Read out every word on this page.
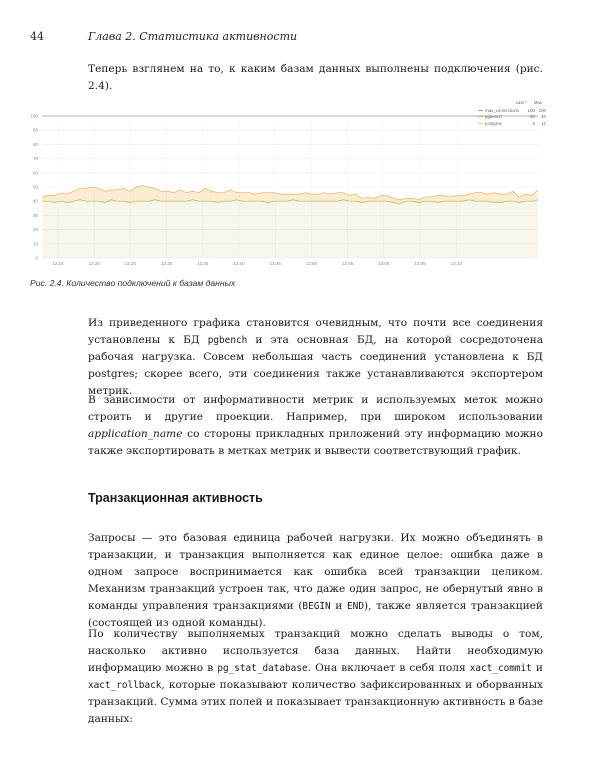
44	Глава 2. Статистика активности

Теперь взглянем на то, к каким базам данных выполнены подключения (рис. 2.4).

0
10
20
30
40
50
60
70
80
90
100
12:15	12:20	12:25	12:30	12:35	12:40	12:45	12:50	12:55	13:00	13:05	13:10
Last * Max
max_connections	100 100
pgbench	40	40
postgres	6	11

Рис. 2.4. Количество подключений к базам данных

Из приведенного графика становится очевидным, что почти все соединения установлены к БД pgbench и эта основная БД, на которой сосредоточена рабочая нагрузка. Совсем небольшая часть соединений установлена к БД postgres; скорее всего, эти соединения также устанавливаются экспортером метрик.

В зависимости от информативности метрик и используемых меток можно строить и другие проекции. Например, при широком использовании application_name со стороны прикладных приложений эту информацию можно также экспортировать в метках метрик и вывести соответствующий график.

Транзакционная активность

Запросы — это базовая единица рабочей нагрузки. Их можно объединять в транзакции, и транзакция выполняется как единое целое: ошибка даже в одном запросе воспринимается как ошибка всей транзакции целиком. Механизм транзакций устроен так, что даже один запрос, не обернутый явно в команды управления транзакциями (BEGIN и END), также является транзакцией (состоящей из одной команды).

По количеству выполняемых транзакций можно сделать выводы о том, насколько активно используется база данных. Найти необходимую информацию можно в pg_stat_database. Она включает в себя поля xact_commit и xact_rollback, которые показывают количество зафиксированных и оборванных транзакций. Сумма этих полей и показывает транзакционную активность в базе данных:
